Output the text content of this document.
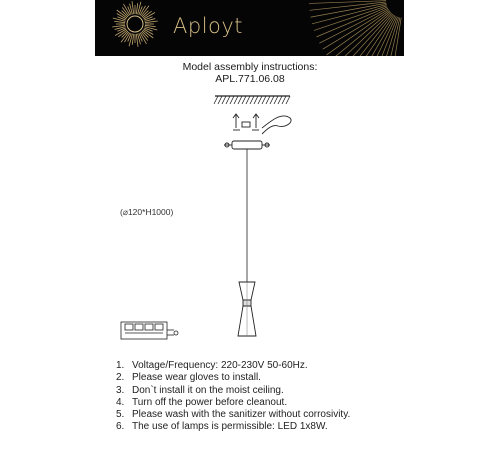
Aployt
Model assembly instructions:
APL.771.06.08
(⌀120*H1000)
1. Voltage/Frequency: 220-230V 50-60Hz.
2. Please wear gloves to install.
3. Don`t install it on the moist ceiling.
4. Turn off the power before cleanout.
5. Please wash with the sanitizer without corrosivity.
6. The use of lamps is permissible: LED 1x8W.
